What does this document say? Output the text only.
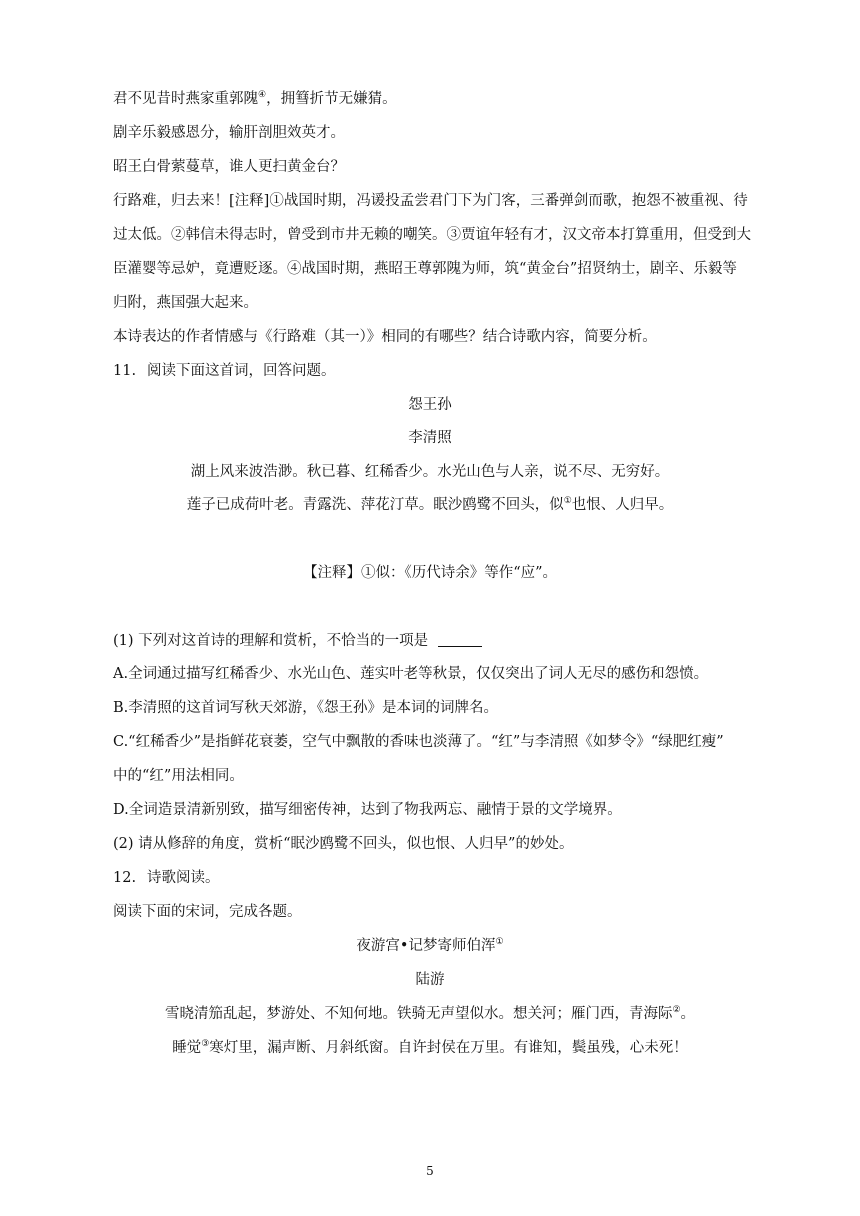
君不见昔时燕家重郭隗④，拥篲折节无嫌猜。
剧辛乐毅感恩分，输肝剖胆效英才。
昭王白骨萦蔓草，谁人更扫黄金台？
行路难，归去来！[注释]①战国时期，冯谖投孟尝君门下为门客，三番弹剑而歌，抱怨不被重视、待
过太低。②韩信未得志时，曾受到市井无赖的嘲笑。③贾谊年轻有才，汉文帝本打算重用，但受到大
臣灌婴等忌妒，竟遭贬逐。④战国时期，燕昭王尊郭隗为师，筑“黄金台”招贤纳士，剧辛、乐毅等
归附，燕国强大起来。
本诗表达的作者情感与《行路难（其一）》相同的有哪些？结合诗歌内容，简要分析。
11. 阅读下面这首词，回答问题。
怨王孙
李清照
湖上风来波浩渺。秋已暮、红稀香少。水光山色与人亲，说不尽、无穷好。
莲子已成荷叶老。青露洗、萍花汀草。眠沙鸥鹭不回头，似①也恨、人归早。
【注释】①似：《历代诗余》等作“应”。
(1) 下列对这首诗的理解和赏析，不恰当的一项是
A.全词通过描写红稀香少、水光山色、莲实叶老等秋景，仅仅突出了词人无尽的感伤和怨愤。
B.李清照的这首词写秋天郊游，《怨王孙》是本词的词牌名。
C.“红稀香少”是指鲜花衰萎，空气中飘散的香味也淡薄了。“红”与李清照《如梦令》“绿肥红瘦”
中的“红”用法相同。
D.全词造景清新别致，描写细密传神，达到了物我两忘、融情于景的文学境界。
(2) 请从修辞的角度，赏析“眠沙鸥鹭不回头，似也恨、人归早”的妙处。
12. 诗歌阅读。
阅读下面的宋词，完成各题。
夜游宫•记梦寄师伯浑①
陆游
雪晓清笳乱起，梦游处、不知何地。铁骑无声望似水。想关河；雁门西，青海际②。
睡觉③寒灯里，漏声断、月斜纸窗。自许封侯在万里。有谁知，鬓虽残，心未死！
5
